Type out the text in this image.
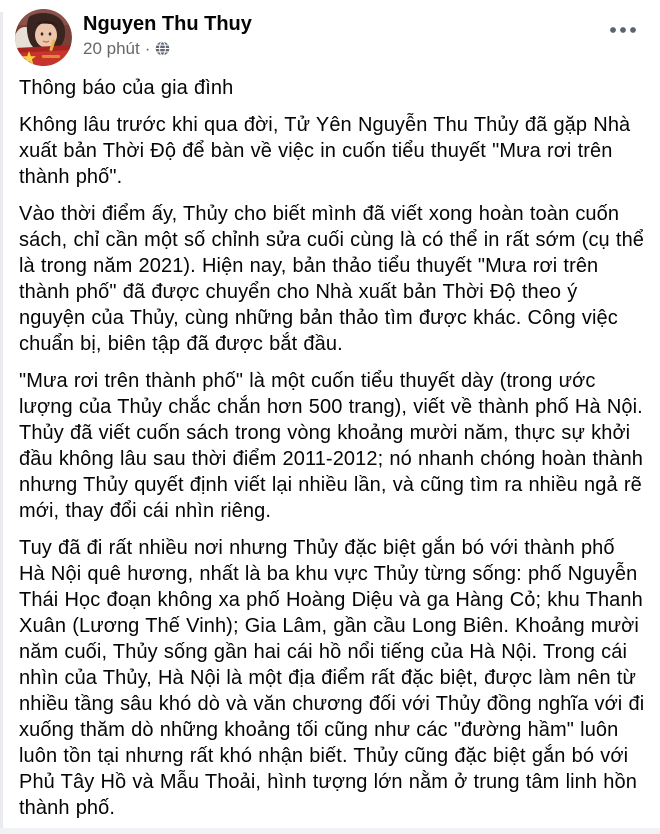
Nguyen Thu Thuy
20 phút ·

Thông báo của gia đình

Không lâu trước khi qua đời, Tử Yên Nguyễn Thu Thủy đã gặp Nhà xuất bản Thời Độ để bàn về việc in cuốn tiểu thuyết "Mưa rơi trên thành phố".

Vào thời điểm ấy, Thủy cho biết mình đã viết xong hoàn toàn cuốn sách, chỉ cần một số chỉnh sửa cuối cùng là có thể in rất sớm (cụ thể là trong năm 2021). Hiện nay, bản thảo tiểu thuyết "Mưa rơi trên thành phố" đã được chuyển cho Nhà xuất bản Thời Độ theo ý nguyện của Thủy, cùng những bản thảo tìm được khác. Công việc chuẩn bị, biên tập đã được bắt đầu.

"Mưa rơi trên thành phố" là một cuốn tiểu thuyết dày (trong ước lượng của Thủy chắc chắn hơn 500 trang), viết về thành phố Hà Nội. Thủy đã viết cuốn sách trong vòng khoảng mười năm, thực sự khởi đầu không lâu sau thời điểm 2011-2012; nó nhanh chóng hoàn thành nhưng Thủy quyết định viết lại nhiều lần, và cũng tìm ra nhiều ngả rẽ mới, thay đổi cái nhìn riêng.

Tuy đã đi rất nhiều nơi nhưng Thủy đặc biệt gắn bó với thành phố Hà Nội quê hương, nhất là ba khu vực Thủy từng sống: phố Nguyễn Thái Học đoạn không xa phố Hoàng Diệu và ga Hàng Cỏ; khu Thanh Xuân (Lương Thế Vinh); Gia Lâm, gần cầu Long Biên. Khoảng mười năm cuối, Thủy sống gần hai cái hồ nổi tiếng của Hà Nội. Trong cái nhìn của Thủy, Hà Nội là một địa điểm rất đặc biệt, được làm nên từ nhiều tầng sâu khó dò và văn chương đối với Thủy đồng nghĩa với đi xuống thăm dò những khoảng tối cũng như các "đường hầm" luôn luôn tồn tại nhưng rất khó nhận biết. Thủy cũng đặc biệt gắn bó với Phủ Tây Hồ và Mẫu Thoải, hình tượng lớn nằm ở trung tâm linh hồn thành phố.
